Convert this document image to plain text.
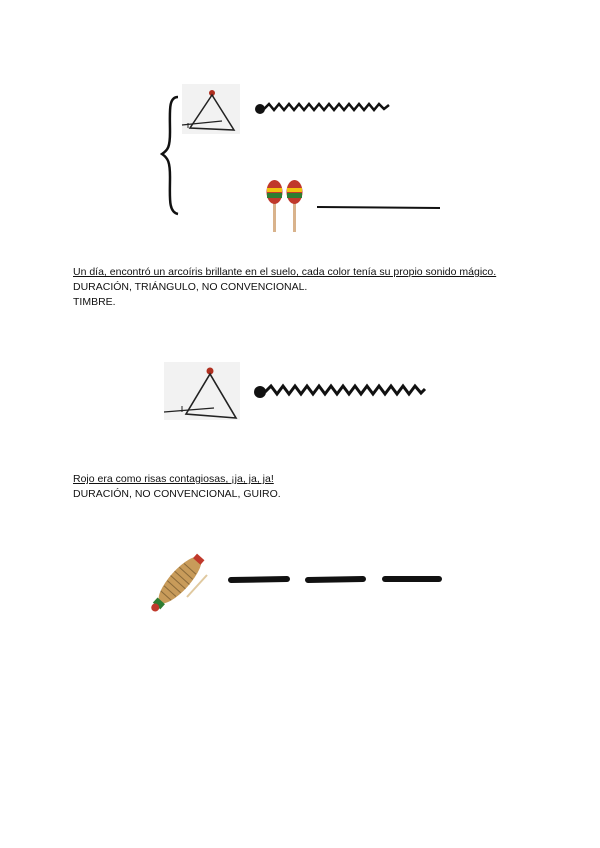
Un día, encontró un arcoíris brillante en el suelo, cada color tenía su propio sonido mágico.
DURACIÓN, TRIÁNGULO, NO CONVENCIONAL.
TIMBRE.
Rojo era como risas contagiosas, ¡ja, ja, ja!
DURACIÓN, NO CONVENCIONAL, GUIRO.
